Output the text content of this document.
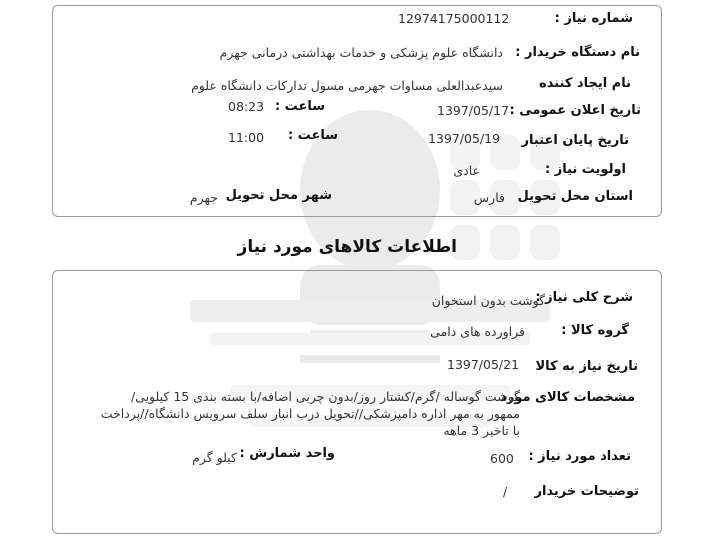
شماره نیاز :
12974175000112
نام دستگاه خریدار :
دانشگاه علوم پزشکی و خدمات بهداشتی درمانی جهرم
نام ایجاد کننده
سیدعبدالعلی مساوات جهرمی مسول تدارکات دانشگاه علوم
تاریخ اعلان عمومی :
1397/05/17
ساعت :
08:23
تاریخ پایان اعتبار
1397/05/19
ساعت :
11:00
اولویت نیاز :
عادی
استان محل تحویل
فارس
شهر محل تحویل
جهرم
اطلاعات کالاهای مورد نیاز
شرح کلی نیاز :
گوشت بدون استخوان
گروه کالا :
فراورده های دامی
تاریخ نیاز به کالا
1397/05/21
مشخصات کالای مورد
گوشت گوساله /گرم/کشتار روز/بدون چربی اضافه/با بسته بندی 15 کیلویی/ممهور به مهر اداره دامپزشکی//تحویل درب انبار سلف سرویس دانشگاه//پرداخت با تاخیر 3 ماهه
تعداد مورد نیاز :
600
واحد شمارش :
کیلو گرم
توضیحات خریدار
/
